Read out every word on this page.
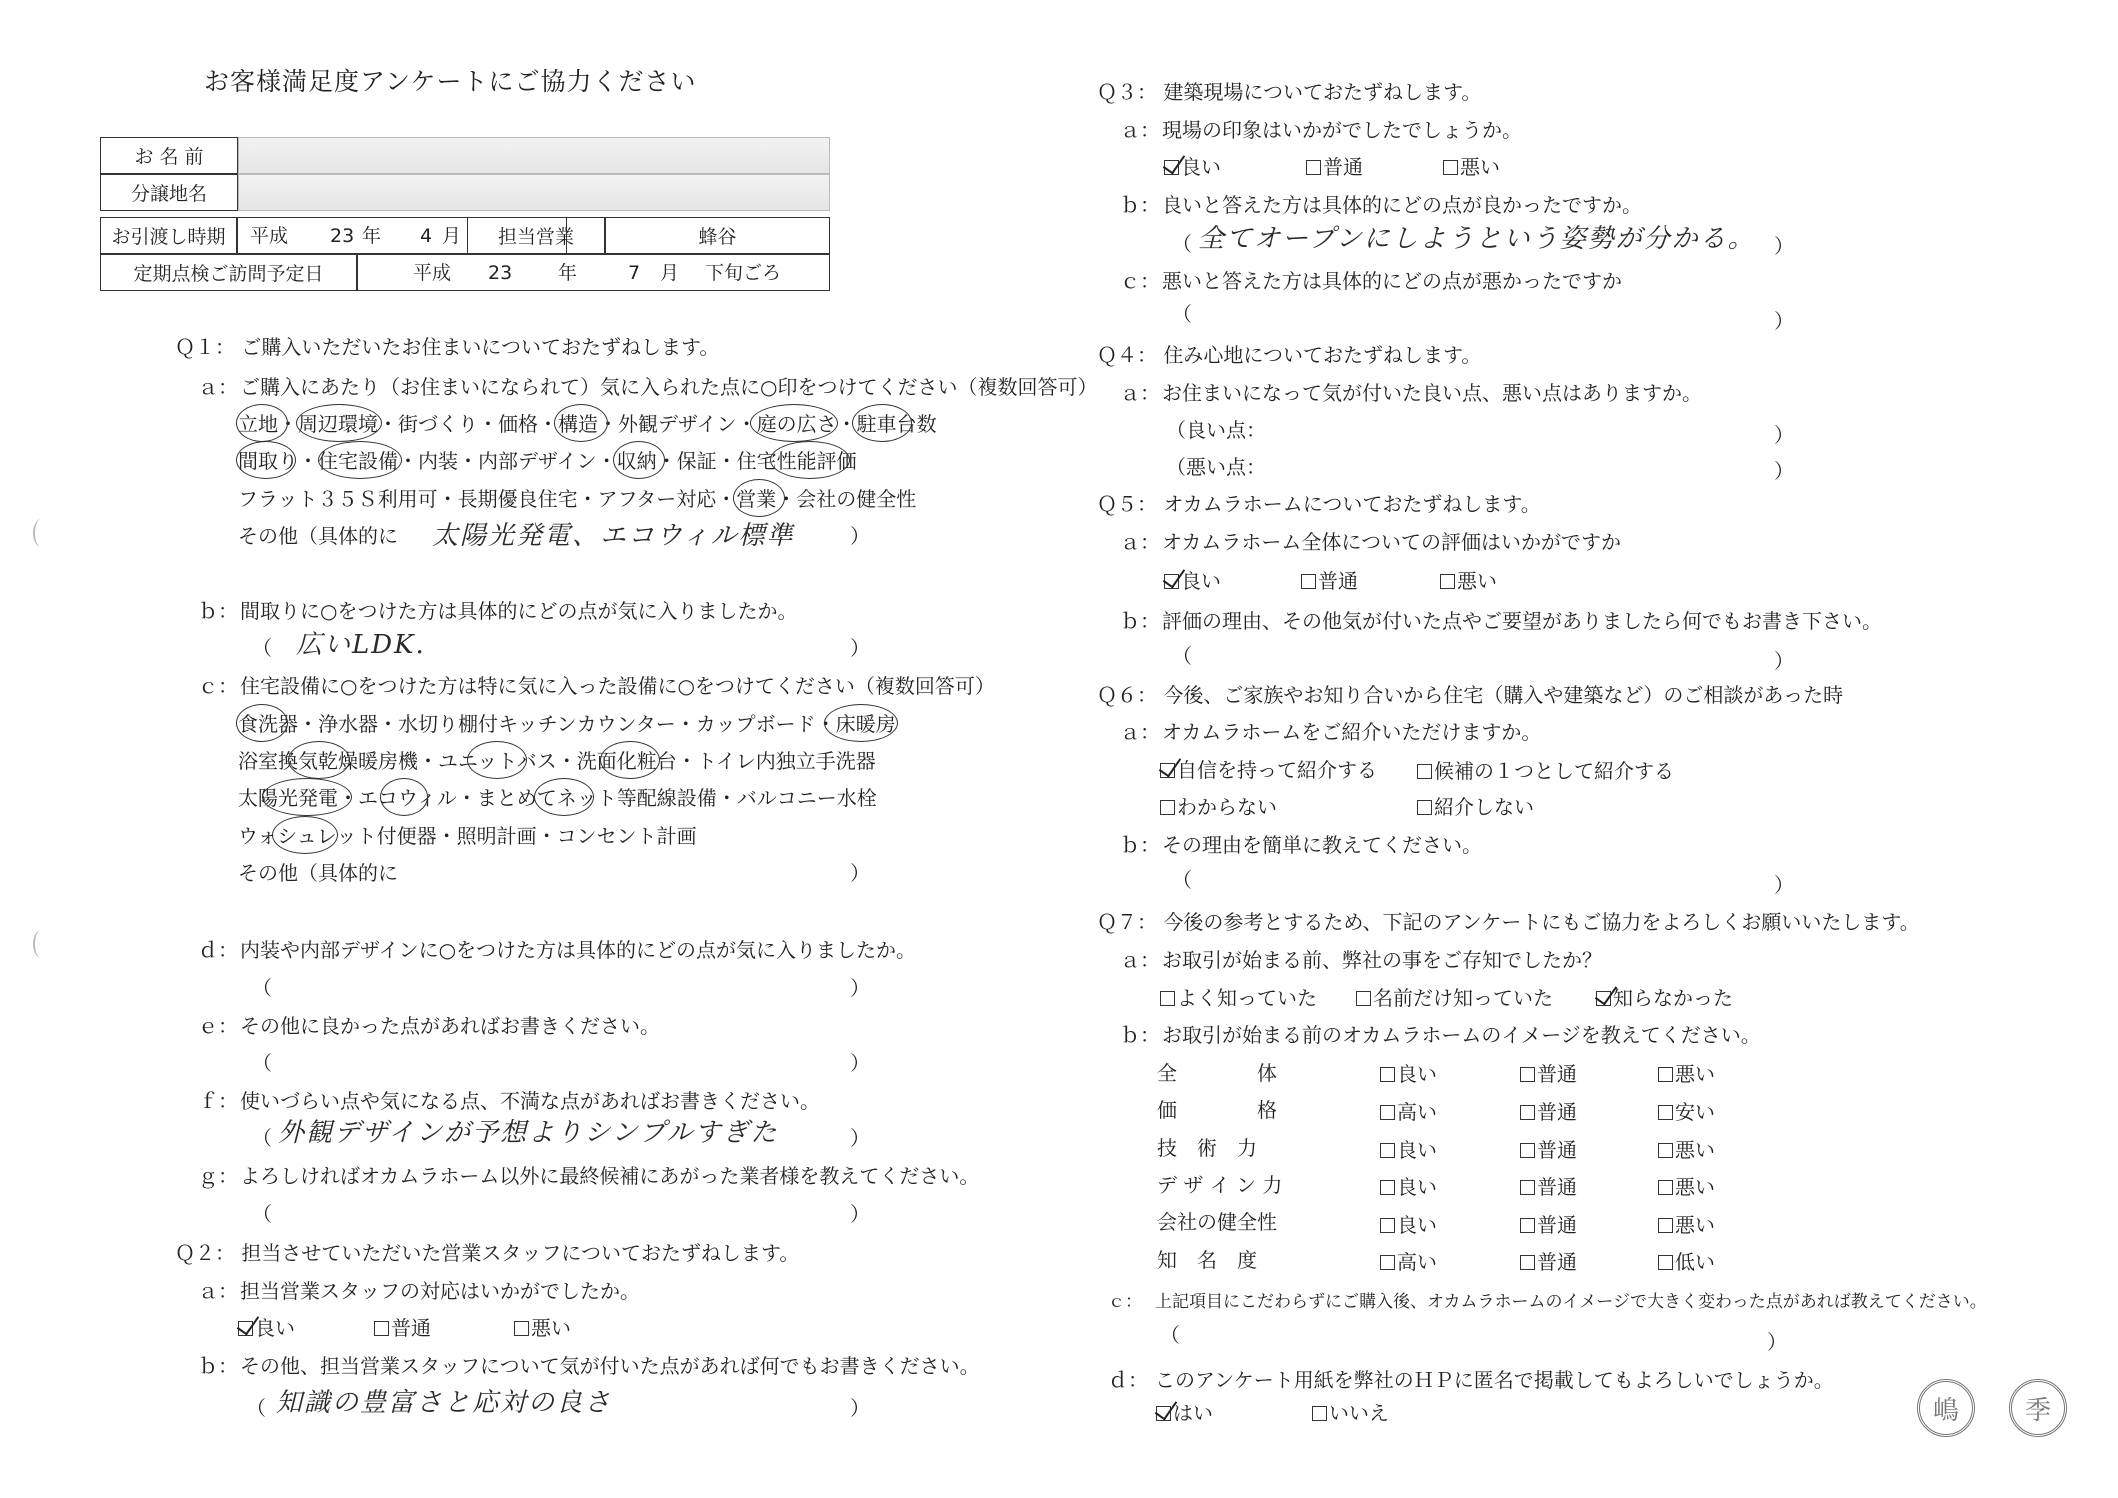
お客様満足度アンケートにご協力ください
お 名 前
分譲地名
お引渡し時期	平成 23 年 4 月	担当営業	蜂谷
定期点検ご訪問予定日	平成 23 年	7 月 下旬ごろ
Ｑ１： ご購入いただいたお住まいについておたずねします。
ａ： ご購入にあたり（お住まいになられて）気に入られた点に○印をつけてください（複数回答可）
立地・周辺環境・街づくり・価格・構造・外観デザイン・庭の広さ・駐車台数
間取り・住宅設備・内装・内部デザイン・収納・保証・住宅性能評価
フラット３５Ｓ利用可・長期優良住宅・アフター対応・営業・会社の健全性
その他（具体的に 太陽光発電、エコウィル標準	）
ｂ： 間取りに○をつけた方は具体的にどの点が気に入りましたか。
（ 広いLDK.	）
ｃ： 住宅設備に○をつけた方は特に気に入った設備に○をつけてください（複数回答可）
食洗器・浄水器・水切り棚付キッチンカウンター・カップボード・床暖房
浴室換気乾燥暖房機・ユニットバス・洗面化粧台・トイレ内独立手洗器
太陽光発電・エコウィル・まとめてネット等配線設備・バルコニー水栓
ウォシュレット付便器・照明計画・コンセント計画
その他（具体的に	）
ｄ： 内装や内部デザインに○をつけた方は具体的にどの点が気に入りましたか。
（	）
ｅ： その他に良かった点があればお書きください。
（	）
ｆ： 使いづらい点や気になる点、不満な点があればお書きください。
（ 外観デザインが予想よりシンプルすぎた	）
ｇ： よろしければオカムラホーム以外に最終候補にあがった業者様を教えてください。
（	）
Ｑ２： 担当させていただいた営業スタッフについておたずねします。
ａ： 担当営業スタッフの対応はいかがでしたか。
良い	普通	悪い
ｂ： その他、担当営業スタッフについて気が付いた点があれば何でもお書きください。
（ 知識の豊富さと応対の良さ	）
Ｑ３： 建築現場についておたずねします。
ａ： 現場の印象はいかがでしたでしょうか。
良い	普通	悪い
ｂ： 良いと答えた方は具体的にどの点が良かったですか。
（ 全てオープンにしようという姿勢が分かる。 ）
ｃ： 悪いと答えた方は具体的にどの点が悪かったですか
（	）
Ｑ４： 住み心地についておたずねします。
ａ： お住まいになって気が付いた良い点、悪い点はありますか。
（良い点：	）
（悪い点：	）
Ｑ５： オカムラホームについておたずねします。
ａ： オカムラホーム全体についての評価はいかがですか
良い	普通	悪い
ｂ： 評価の理由、その他気が付いた点やご要望がありましたら何でもお書き下さい。
（	）
Ｑ６： 今後、ご家族やお知り合いから住宅（購入や建築など）のご相談があった時
ａ： オカムラホームをご紹介いただけますか。
自信を持って紹介する	候補の１つとして紹介する
わからない	紹介しない
ｂ： その理由を簡単に教えてください。
（	）
Ｑ７： 今後の参考とするため、下記のアンケートにもご協力をよろしくお願いいたします。
ａ： お取引が始まる前、弊社の事をご存知でしたか？
よく知っていた	名前だけ知っていた	知らなかった
ｂ： お取引が始まる前のオカムラホームのイメージを教えてください。
全　　　　体	良い	普通	悪い
価　　　　格	高い	普通	安い
技　術　力	良い	普通	悪い
デ ザ イ ン 力	良い	普通	悪い
会社の健全性	良い	普通	悪い
知　名　度	高い	普通	低い
ｃ： 上記項目にこだわらずにご購入後、オカムラホームのイメージで大きく変わった点があれば教えてください。
（	）
ｄ： このアンケート用紙を弊社のＨＰに匿名で掲載してもよろしいでしょうか。
はい	いいえ	嶋	季
